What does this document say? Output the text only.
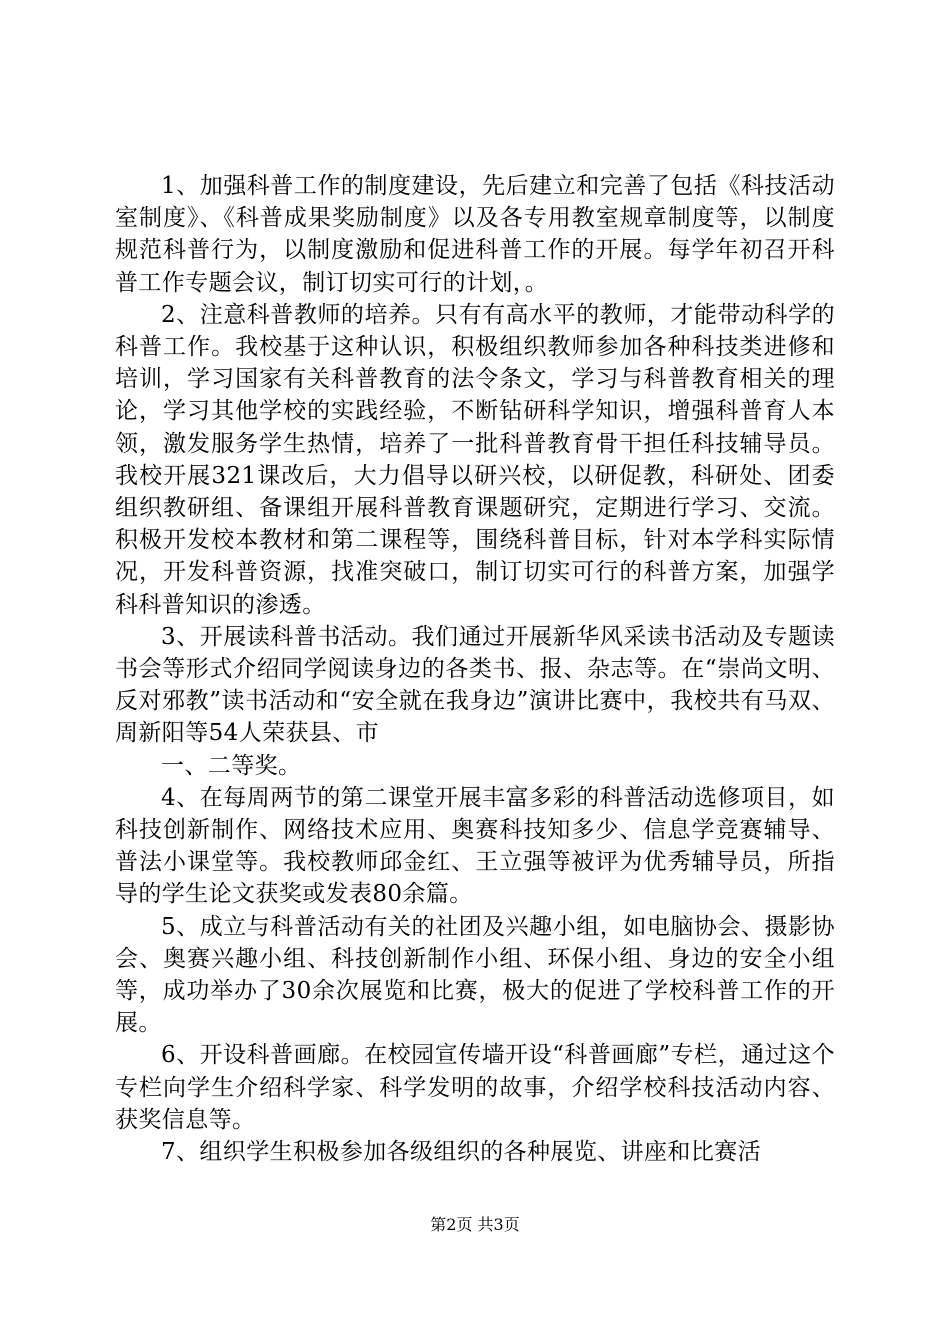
1、加强科普工作的制度建设，先后建立和完善了包括《科技活动室制度》、《科普成果奖励制度》以及各专用教室规章制度等，以制度规范科普行为，以制度激励和促进科普工作的开展。每学年初召开科普工作专题会议，制订切实可行的计划，。

2、注意科普教师的培养。只有有高水平的教师，才能带动科学的科普工作。我校基于这种认识，积极组织教师参加各种科技类进修和培训，学习国家有关科普教育的法令条文，学习与科普教育相关的理论，学习其他学校的实践经验，不断钻研科学知识，增强科普育人本领，激发服务学生热情，培养了一批科普教育骨干担任科技辅导员。我校开展321课改后，大力倡导以研兴校，以研促教，科研处、团委组织教研组、备课组开展科普教育课题研究，定期进行学习、交流。积极开发校本教材和第二课程等，围绕科普目标，针对本学科实际情况，开发科普资源，找准突破口，制订切实可行的科普方案，加强学科科普知识的渗透。

3、开展读科普书活动。我们通过开展新华风采读书活动及专题读书会等形式介绍同学阅读身边的各类书、报、杂志等。在“崇尚文明、反对邪教”读书活动和“安全就在我身边”演讲比赛中，我校共有马双、周新阳等54人荣获县、市

一、二等奖。

4、在每周两节的第二课堂开展丰富多彩的科普活动选修项目，如科技创新制作、网络技术应用、奥赛科技知多少、信息学竞赛辅导、普法小课堂等。我校教师邱金红、王立强等被评为优秀辅导员，所指导的学生论文获奖或发表80余篇。

5、成立与科普活动有关的社团及兴趣小组，如电脑协会、摄影协会、奥赛兴趣小组、科技创新制作小组、环保小组、身边的安全小组等，成功举办了30余次展览和比赛，极大的促进了学校科普工作的开展。

6、开设科普画廊。在校园宣传墙开设“科普画廊”专栏，通过这个专栏向学生介绍科学家、科学发明的故事，介绍学校科技活动内容、获奖信息等。

7、组织学生积极参加各级组织的各种展览、讲座和比赛活

第2页 共3页
